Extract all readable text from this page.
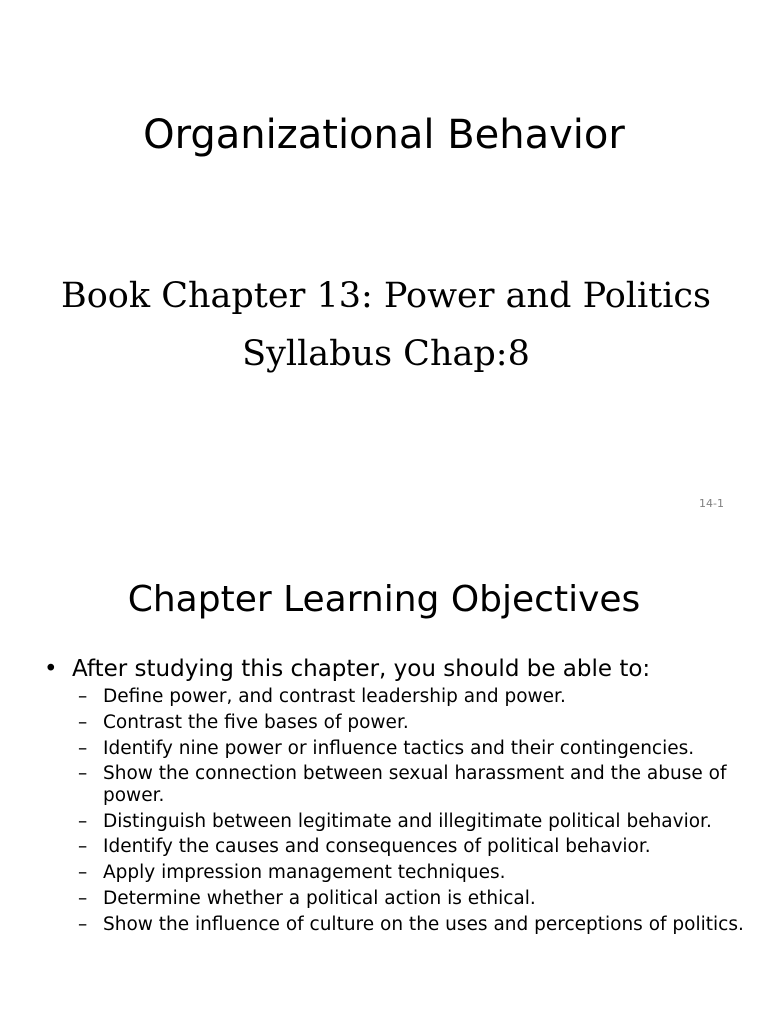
Organizational Behavior

Book Chapter 13: Power and Politics

Syllabus Chap:8

14-1
Chapter Learning Objectives
• After studying this chapter, you should be able to:
– Define power, and contrast leadership and power.
– Contrast the five bases of power.
– Identify nine power or influence tactics and their contingencies.
– Show the connection between sexual harassment and the abuse of power.
– Distinguish between legitimate and illegitimate political behavior.
– Identify the causes and consequences of political behavior.
– Apply impression management techniques.
– Determine whether a political action is ethical.
– Show the influence of culture on the uses and perceptions of politics.
